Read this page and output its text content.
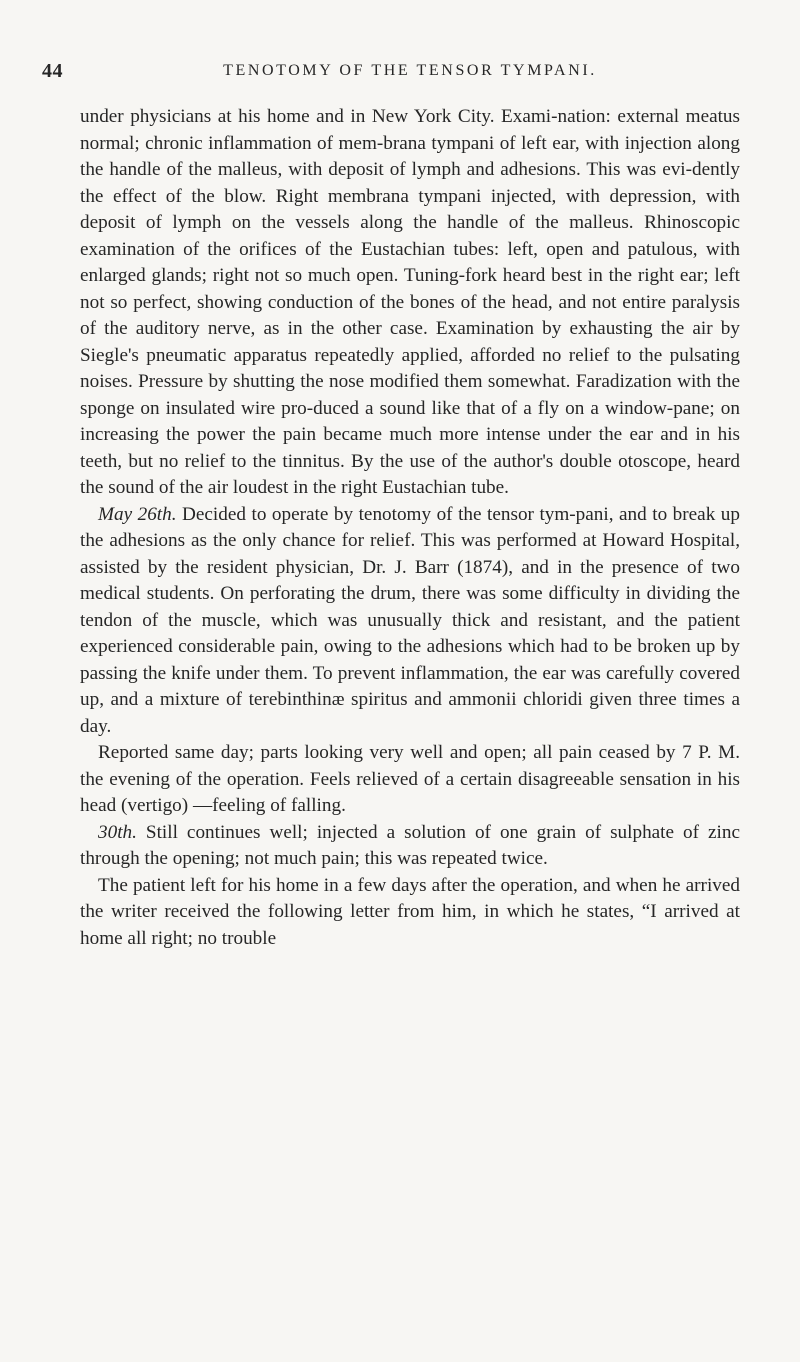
44	TENOTOMY OF THE TENSOR TYMPANI.

under physicians at his home and in New York City. Exami-nation: external meatus normal; chronic inflammation of mem-brana tympani of left ear, with injection along the handle of the malleus, with deposit of lymph and adhesions. This was evi-dently the effect of the blow. Right membrana tympani injected, with depression, with deposit of lymph on the vessels along the handle of the malleus. Rhinoscopic examination of the orifices of the Eustachian tubes: left, open and patulous, with enlarged glands; right not so much open. Tuning-fork heard best in the right ear; left not so perfect, showing conduction of the bones of the head, and not entire paralysis of the auditory nerve, as in the other case. Examination by exhausting the air by Siegle's pneumatic apparatus repeatedly applied, afforded no relief to the pulsating noises. Pressure by shutting the nose modified them somewhat. Faradization with the sponge on insulated wire pro-duced a sound like that of a fly on a window-pane; on increasing the power the pain became much more intense under the ear and in his teeth, but no relief to the tinnitus. By the use of the author's double otoscope, heard the sound of the air loudest in the right Eustachian tube.

May 26th. Decided to operate by tenotomy of the tensor tym-pani, and to break up the adhesions as the only chance for relief. This was performed at Howard Hospital, assisted by the resident physician, Dr. J. Barr (1874), and in the presence of two medical students. On perforating the drum, there was some difficulty in dividing the tendon of the muscle, which was unusually thick and resistant, and the patient experienced considerable pain, owing to the adhesions which had to be broken up by passing the knife under them. To prevent inflammation, the ear was carefully covered up, and a mixture of terebinthinæ spiritus and ammonii chloridi given three times a day.

Reported same day; parts looking very well and open; all pain ceased by 7 P. M. the evening of the operation. Feels relieved of a certain disagreeable sensation in his head (vertigo) —feeling of falling.

30th. Still continues well; injected a solution of one grain of sulphate of zinc through the opening; not much pain; this was repeated twice.

The patient left for his home in a few days after the operation, and when he arrived the writer received the following letter from him, in which he states, “I arrived at home all right; no trouble
